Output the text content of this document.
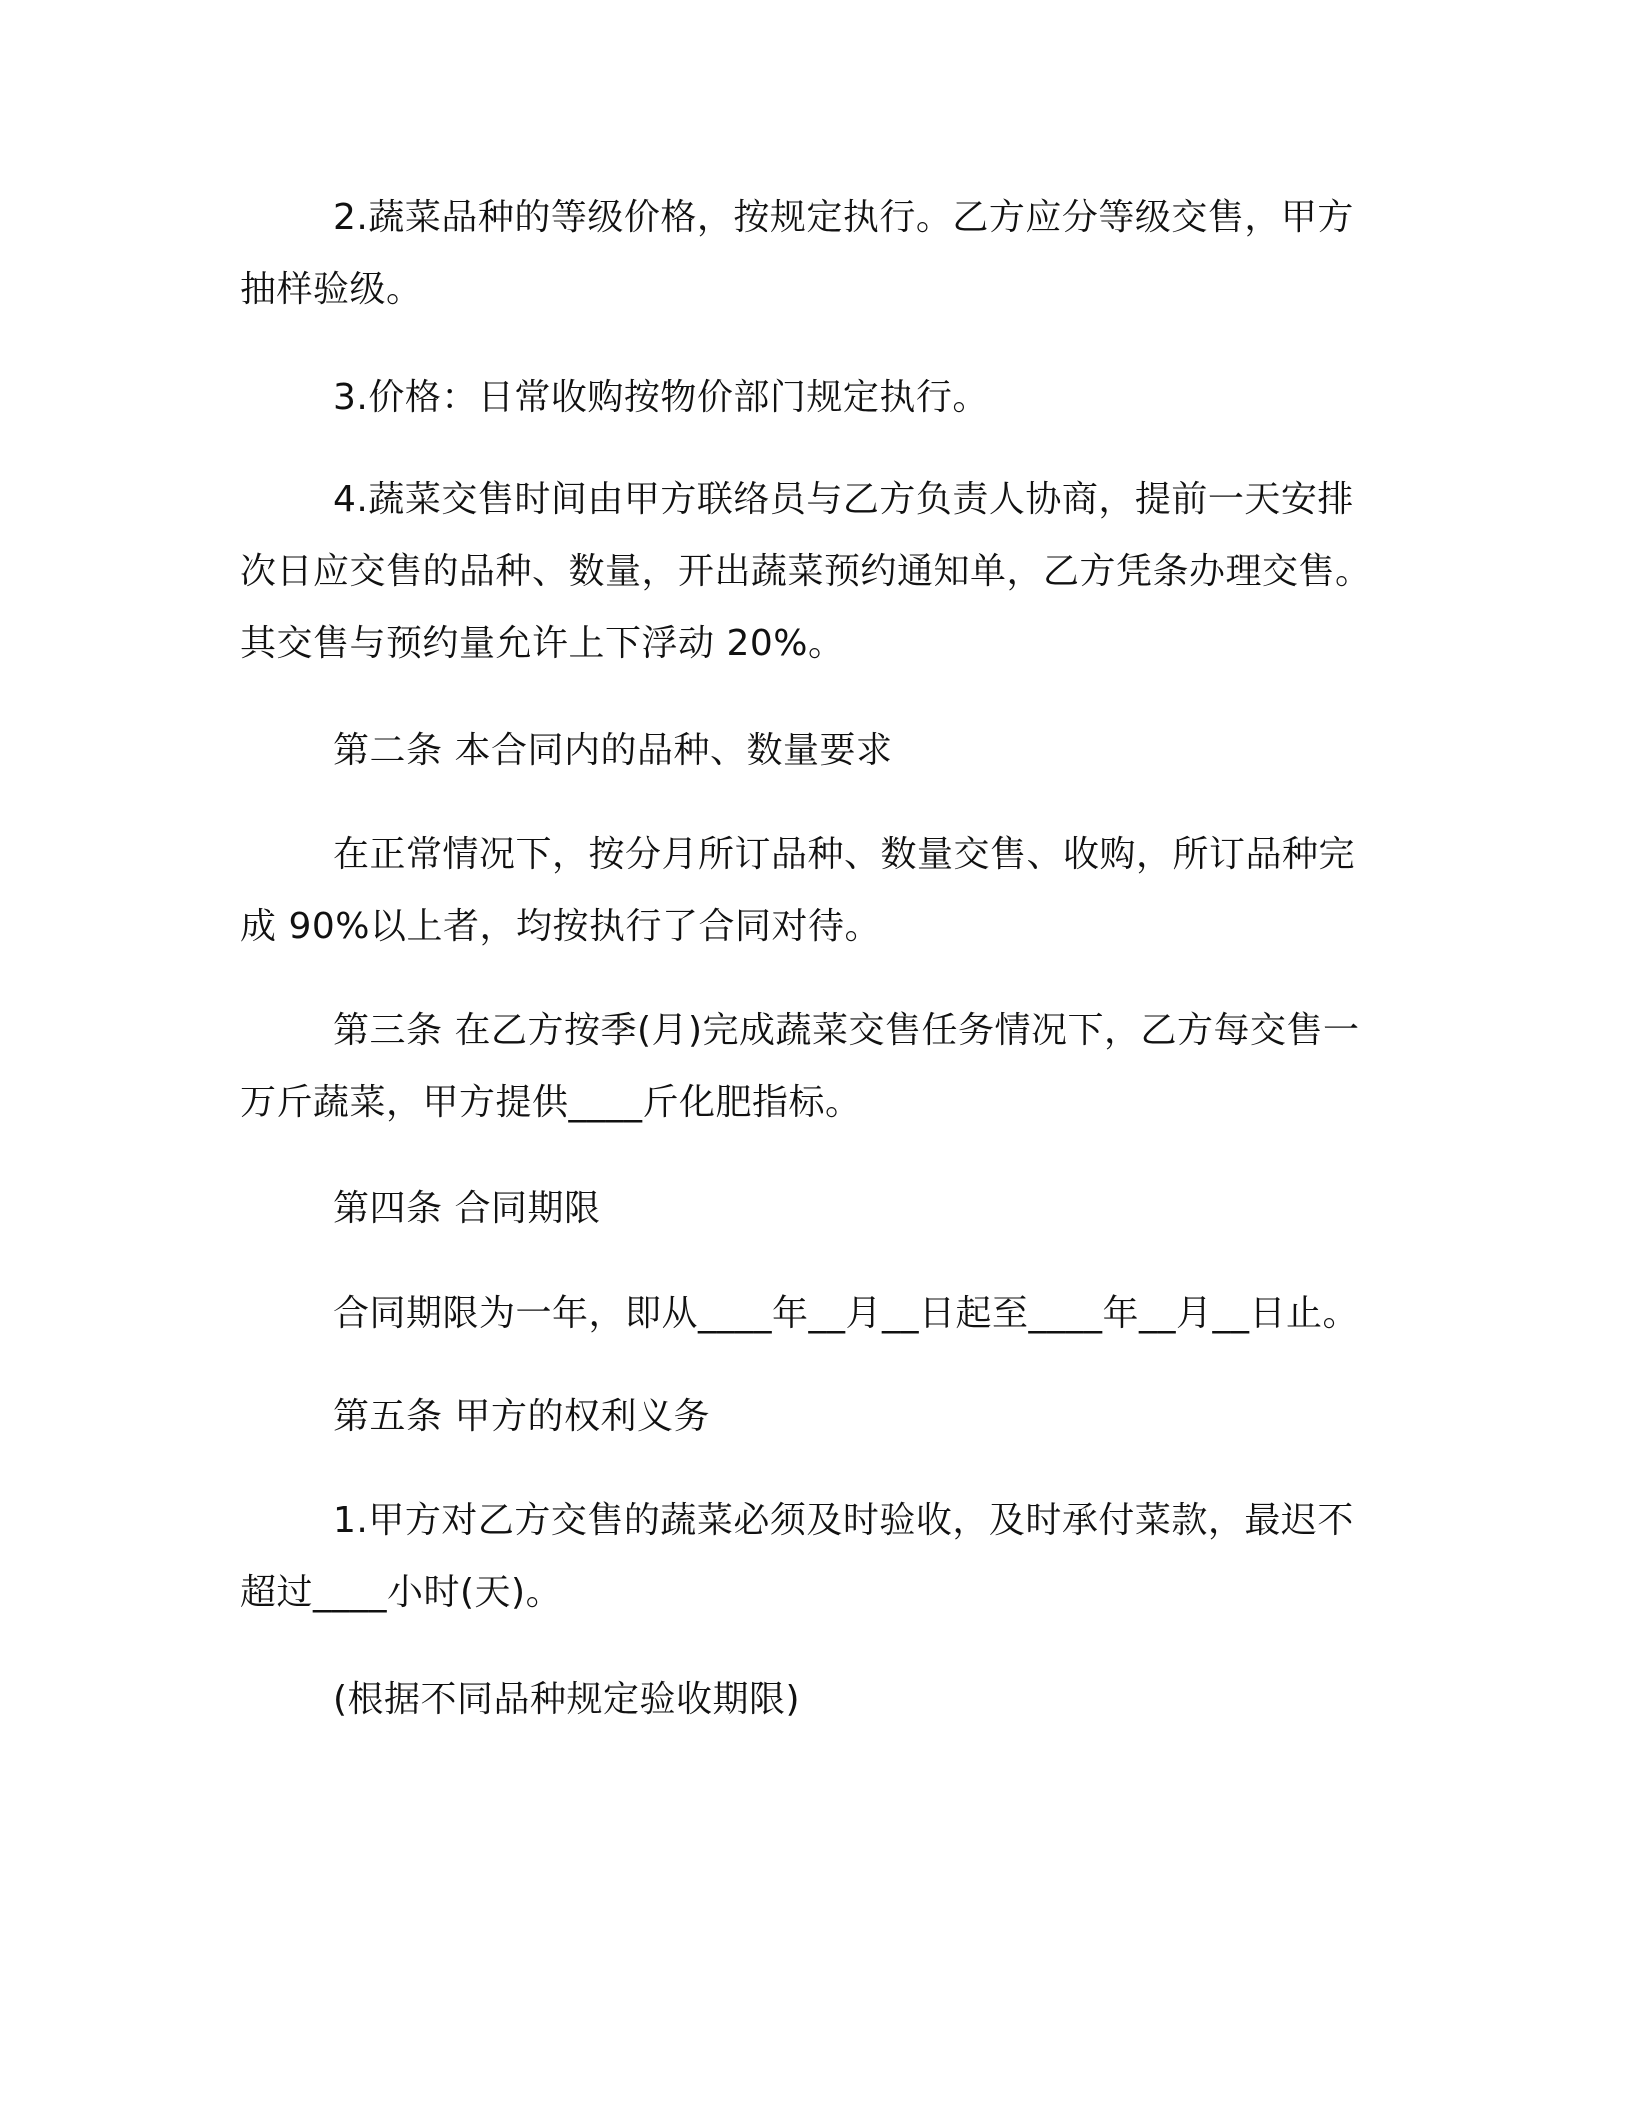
2.蔬菜品种的等级价格，按规定执行。乙方应分等级交售，甲方

抽样验级。

3.价格：日常收购按物价部门规定执行。

4.蔬菜交售时间由甲方联络员与乙方负责人协商，提前一天安排

次日应交售的品种、数量，开出蔬菜预约通知单，乙方凭条办理交售。

其交售与预约量允许上下浮动 20%。

第二条 本合同内的品种、数量要求

在正常情况下，按分月所订品种、数量交售、收购，所订品种完

成 90%以上者，均按执行了合同对待。

第三条 在乙方按季(月)完成蔬菜交售任务情况下，乙方每交售一

万斤蔬菜，甲方提供____斤化肥指标。

第四条 合同期限

合同期限为一年，即从____年__月__日起至____年__月__日止。

第五条 甲方的权利义务

1.甲方对乙方交售的蔬菜必须及时验收，及时承付菜款，最迟不

超过____小时(天)。

(根据不同品种规定验收期限)
